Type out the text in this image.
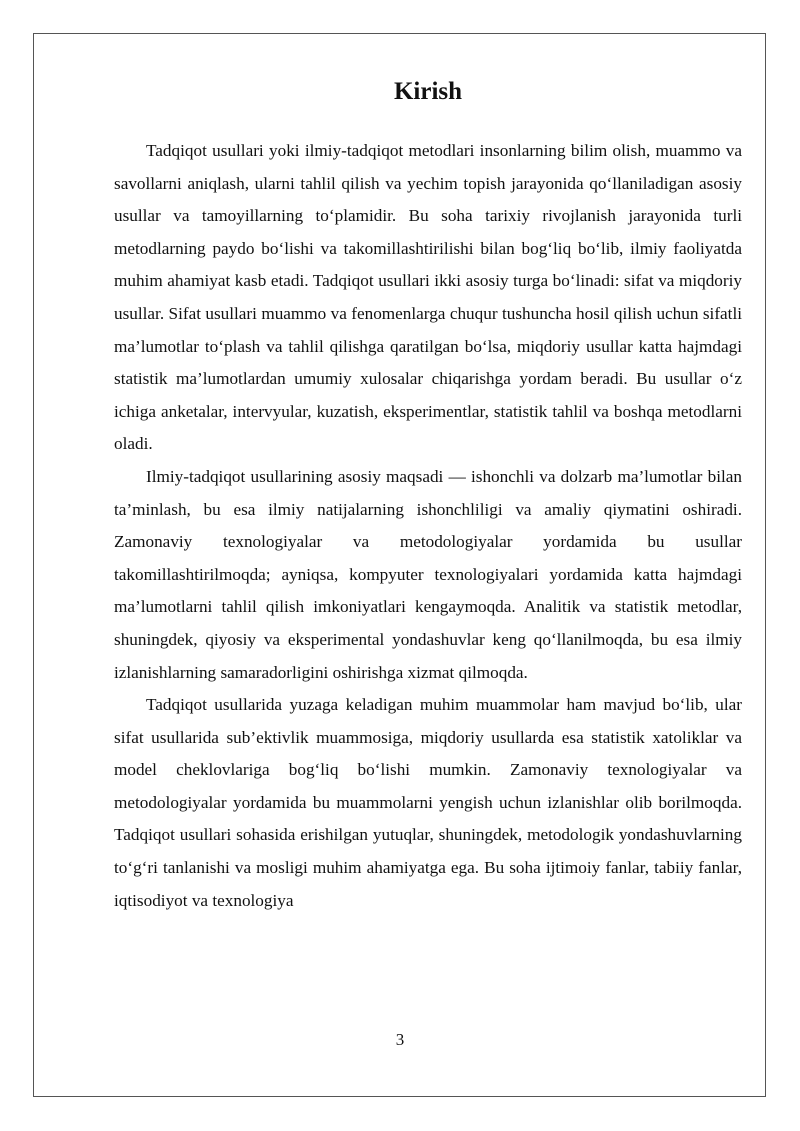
Kirish

Tadqiqot usullari yoki ilmiy-tadqiqot metodlari insonlarning bilim olish, muammo va savollarni aniqlash, ularni tahlil qilish va yechim topish jarayonida qo‘llaniladigan asosiy usullar va tamoyillarning to‘plamidir. Bu soha tarixiy rivojlanish jarayonida turli metodlarning paydo bo‘lishi va takomillashtirilishi bilan bog‘liq bo‘lib, ilmiy faoliyatda muhim ahamiyat kasb etadi. Tadqiqot usullari ikki asosiy turga bo‘linadi: sifat va miqdoriy usullar. Sifat usullari muammo va fenomenlarga chuqur tushuncha hosil qilish uchun sifatli ma’lumotlar to‘plash va tahlil qilishga qaratilgan bo‘lsa, miqdoriy usullar katta hajmdagi statistik ma’lumotlardan umumiy xulosalar chiqarishga yordam beradi. Bu usullar o‘z ichiga anketalar, intervyular, kuzatish, eksperimentlar, statistik tahlil va boshqa metodlarni oladi.

Ilmiy-tadqiqot usullarining asosiy maqsadi — ishonchli va dolzarb ma’lumotlar bilan ta’minlash, bu esa ilmiy natijalarning ishonchliligi va amaliy qiymatini oshiradi. Zamonaviy texnologiyalar va metodologiyalar yordamida bu usullar takomillashtirilmoqda; ayniqsa, kompyuter texnologiyalari yordamida katta hajmdagi ma’lumotlarni tahlil qilish imkoniyatlari kengaymoqda. Analitik va statistik metodlar, shuningdek, qiyosiy va eksperimental yondashuvlar keng qo‘llanilmoqda, bu esa ilmiy izlanishlarning samaradorligini oshirishga xizmat qilmoqda.

Tadqiqot usullarida yuzaga keladigan muhim muammolar ham mavjud bo‘lib, ular sifat usullarida sub’ektivlik muammosiga, miqdoriy usullarda esa statistik xatoliklar va model cheklovlariga bog‘liq bo‘lishi mumkin. Zamonaviy texnologiyalar va metodologiyalar yordamida bu muammolarni yengish uchun izlanishlar olib borilmoqda. Tadqiqot usullari sohasida erishilgan yutuqlar, shuningdek, metodologik yondashuvlarning to‘g‘ri tanlanishi va mosligi muhim ahamiyatga ega. Bu soha ijtimoiy fanlar, tabiiy fanlar, iqtisodiyot va texnologiya

3
